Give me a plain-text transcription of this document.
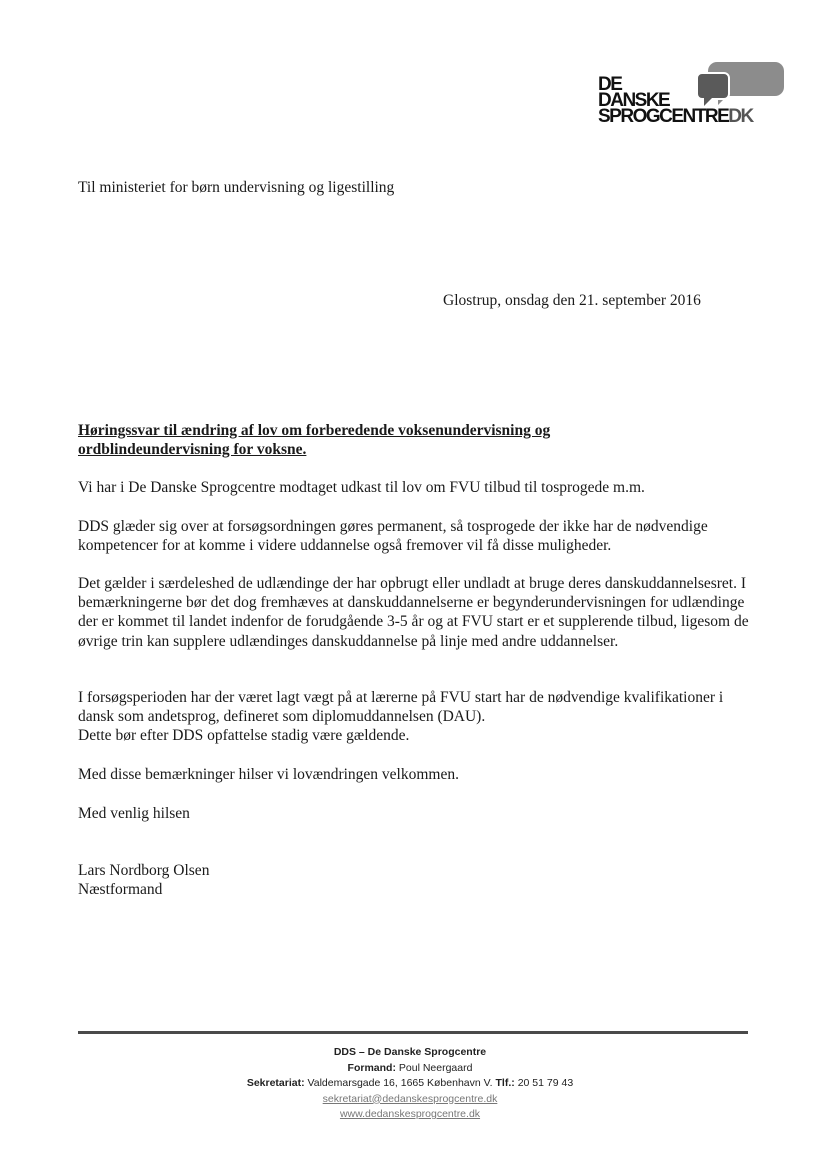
DE
DANSKE
SPROGCENTREDK
Til ministeriet for børn undervisning og ligestilling
Glostrup, onsdag den 21. september 2016
Høringssvar til ændring af lov om forberedende voksenundervisning og ordblindeundervisning for voksne.
Vi har i De Danske Sprogcentre modtaget udkast til lov om FVU tilbud til tosprogede m.m.
DDS glæder sig over at forsøgsordningen gøres permanent, så tosprogede der ikke har de nødvendige kompetencer for at komme i videre uddannelse også fremover vil få disse muligheder.
Det gælder i særdeleshed de udlændinge der har opbrugt eller undladt at bruge deres danskuddannelsesret. I bemærkningerne bør det dog fremhæves at danskuddannelserne er begynderundervisningen for udlændinge der er kommet til landet indenfor de forudgående 3-5 år og at FVU start er et supplerende tilbud, ligesom de øvrige trin kan supplere udlændinges danskuddannelse på linje med andre uddannelser.
I forsøgsperioden har der været lagt vægt på at lærerne på FVU start har de nødvendige kvalifikationer i dansk som andetsprog, defineret som diplomuddannelsen (DAU).
Dette bør efter DDS opfattelse stadig være gældende.
Med disse bemærkninger hilser vi lovændringen velkommen.
Med venlig hilsen
Lars Nordborg Olsen
Næstformand
DDS – De Danske Sprogcentre
Formand: Poul Neergaard
Sekretariat: Valdemarsgade 16, 1665 København V. Tlf.: 20 51 79 43
sekretariat@dedanskesprogcentre.dk
www.dedanskesprogcentre.dk
